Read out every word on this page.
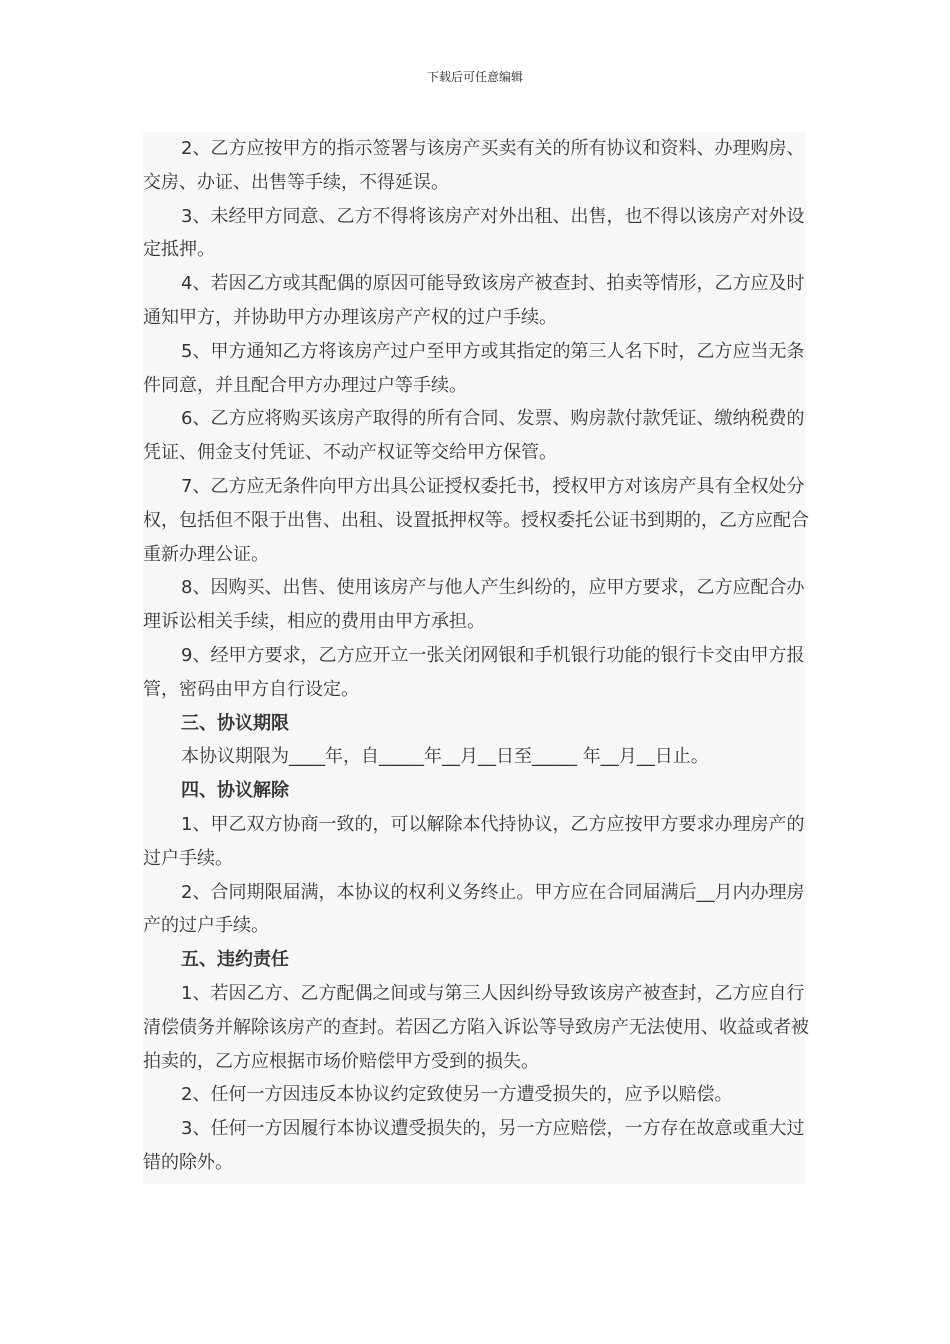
下载后可任意编辑

2、乙方应按甲方的指示签署与该房产买卖有关的所有协议和资料、办理购房、交房、办证、出售等手续，不得延误。

3、未经甲方同意、乙方不得将该房产对外出租、出售，也不得以该房产对外设定抵押。

4、若因乙方或其配偶的原因可能导致该房产被查封、拍卖等情形，乙方应及时通知甲方，并协助甲方办理该房产产权的过户手续。

5、甲方通知乙方将该房产过户至甲方或其指定的第三人名下时，乙方应当无条件同意，并且配合甲方办理过户等手续。

6、乙方应将购买该房产取得的所有合同、发票、购房款付款凭证、缴纳税费的凭证、佣金支付凭证、不动产权证等交给甲方保管。

7、乙方应无条件向甲方出具公证授权委托书，授权甲方对该房产具有全权处分权，包括但不限于出售、出租、设置抵押权等。授权委托公证书到期的，乙方应配合重新办理公证。

8、因购买、出售、使用该房产与他人产生纠纷的，应甲方要求，乙方应配合办理诉讼相关手续，相应的费用由甲方承担。

9、经甲方要求，乙方应开立一张关闭网银和手机银行功能的银行卡交由甲方报管，密码由甲方自行设定。

三、协议期限

本协议期限为____年，自_____年__月__日至_____ 年__月__日止。

四、协议解除

1、甲乙双方协商一致的，可以解除本代持协议，乙方应按甲方要求办理房产的过户手续。

2、合同期限届满，本协议的权利义务终止。甲方应在合同届满后__月内办理房产的过户手续。

五、违约责任

1、若因乙方、乙方配偶之间或与第三人因纠纷导致该房产被查封，乙方应自行清偿债务并解除该房产的查封。若因乙方陷入诉讼等导致房产无法使用、收益或者被拍卖的，乙方应根据市场价赔偿甲方受到的损失。

2、任何一方因违反本协议约定致使另一方遭受损失的，应予以赔偿。

3、任何一方因履行本协议遭受损失的，另一方应赔偿，一方存在故意或重大过错的除外。
